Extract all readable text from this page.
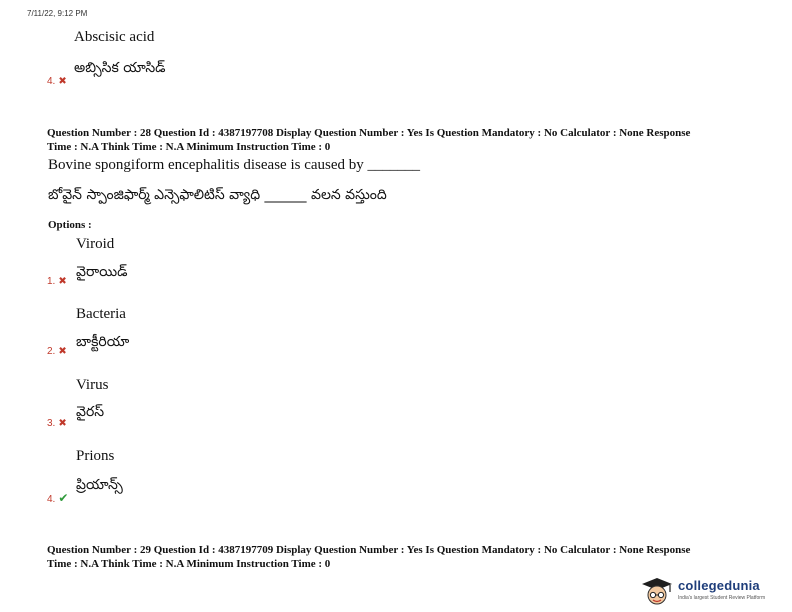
7/11/22, 9:12 PM
Abscisic acid
అబ్సిసిక యాసిడ్
4. ✖
Question Number : 28 Question Id : 4387197708 Display Question Number : Yes Is Question Mandatory : No Calculator : None Response
Time : N.A Think Time : N.A Minimum Instruction Time : 0
Bovine spongiform encephalitis disease is caused by _______
బోవైన్ స్పాంజిఫార్మ్ ఎన్సెఫాలిటిస్ వ్యాధి ______ వలన వస్తుంది
Options :
Viroid
వైరాయిడ్
1. ✖
Bacteria
బాక్టీరియా
2. ✖
Virus
వైరస్
3. ✖
Prions
ప్రియాన్స్
4. ✔
Question Number : 29 Question Id : 4387197709 Display Question Number : Yes Is Question Mandatory : No Calculator : None Response
Time : N.A Think Time : N.A Minimum Instruction Time : 0
collegedunia
India's largest Student Review Platform
